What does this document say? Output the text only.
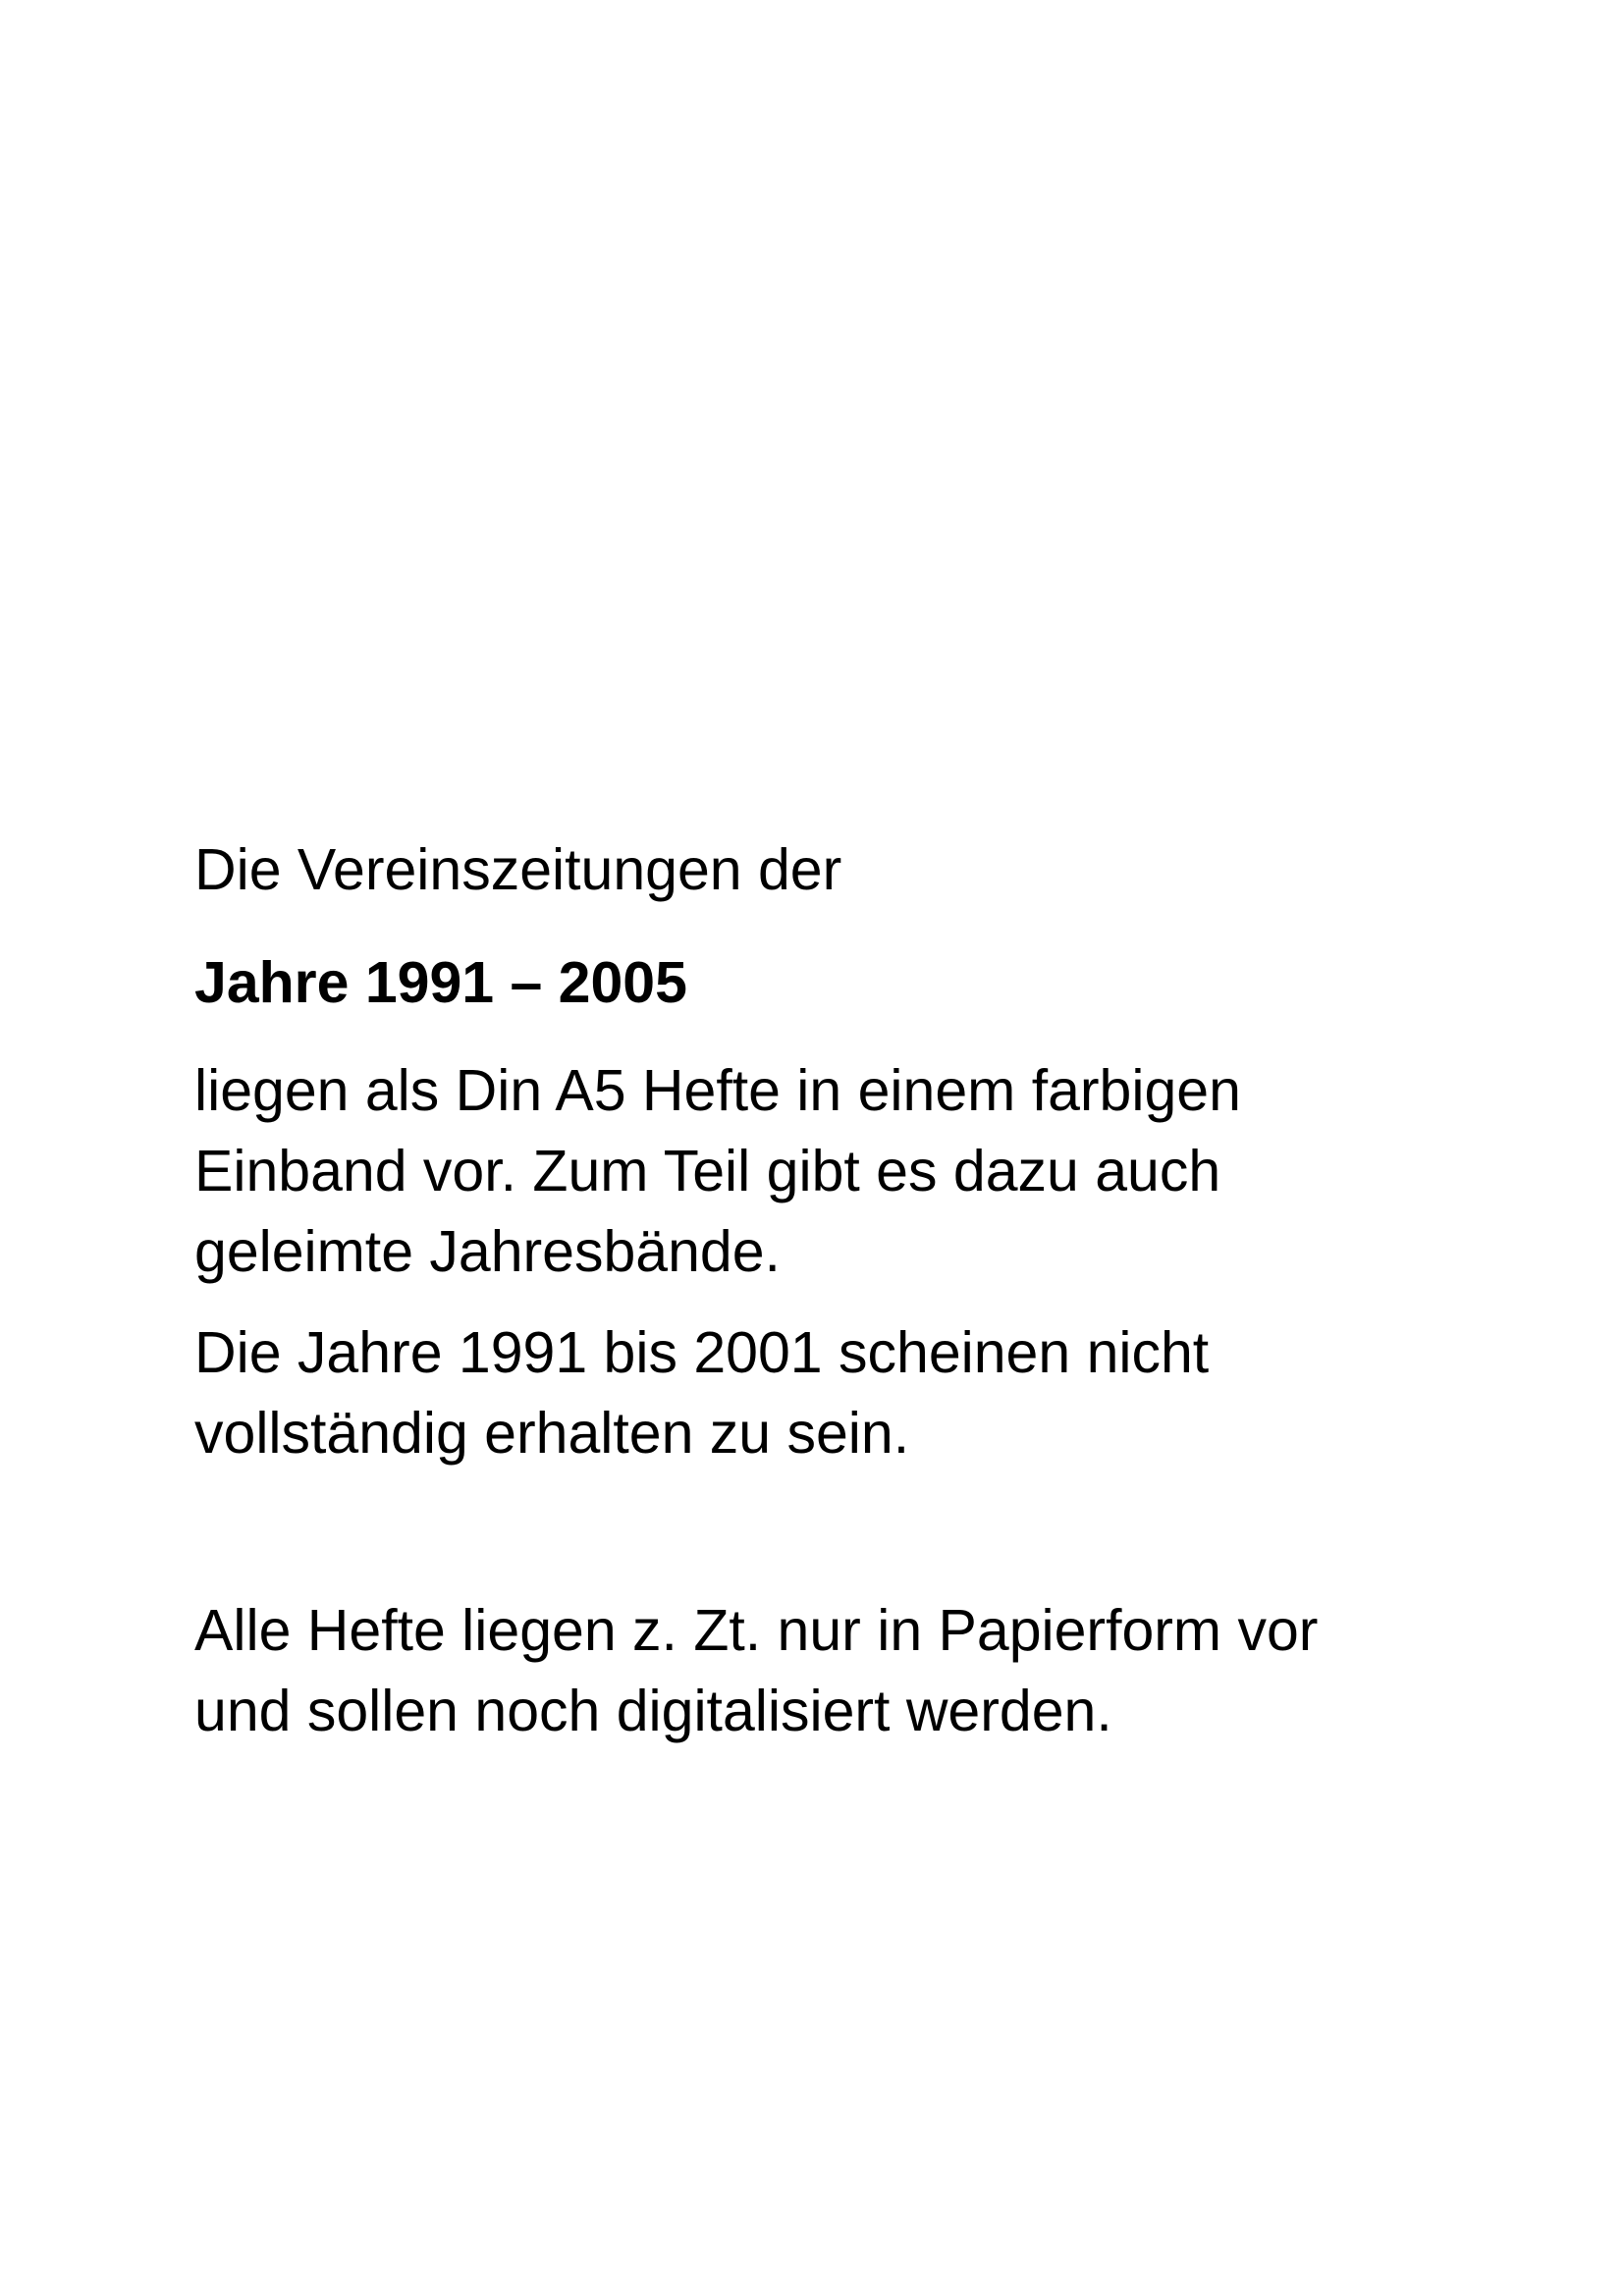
Die Vereinszeitungen der

Jahre 1991 – 2005

liegen als Din A5 Hefte in einem farbigen
Einband vor. Zum Teil gibt es dazu auch
geleimte Jahresbände.

Die Jahre 1991 bis 2001 scheinen nicht
vollständig erhalten zu sein.

Alle Hefte liegen z. Zt. nur in Papierform vor
und sollen noch digitalisiert werden.
